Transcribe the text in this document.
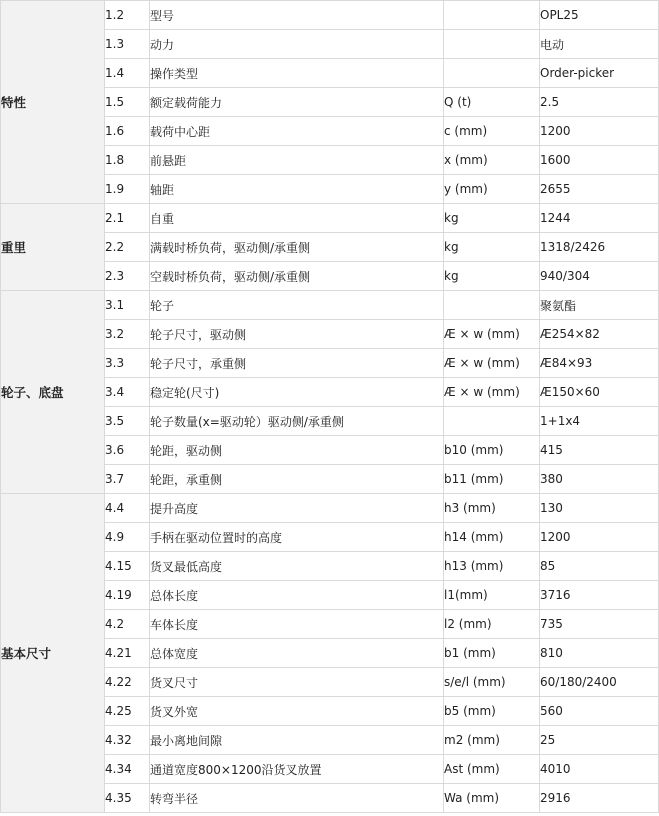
特性	1.2	型号		OPL25
	1.3	动力		电动
	1.4	操作类型		Order-picker
	1.5	额定载荷能力	Q (t)	2.5
	1.6	载荷中心距	c (mm)	1200
	1.8	前悬距	x (mm)	1600
	1.9	轴距	y (mm)	2655
重里	2.1	自重	kg	1244
	2.2	满载时桥负荷，驱动侧/承重侧	kg	1318/2426
	2.3	空载时桥负荷，驱动侧/承重侧	kg	940/304
轮子、底盘	3.1	轮子		聚氨酯
	3.2	轮子尺寸，驱动侧	Æ × w (mm)	Æ254×82
	3.3	轮子尺寸，承重侧	Æ × w (mm)	Æ84×93
	3.4	稳定轮(尺寸)	Æ × w (mm)	Æ150×60
	3.5	轮子数量(x=驱动轮）驱动侧/承重侧		1+1x4
	3.6	轮距，驱动侧	b10 (mm)	415
	3.7	轮距，承重侧	b11 (mm)	380
基本尺寸	4.4	提升高度	h3 (mm)	130
	4.9	手柄在驱动位置时的高度	h14 (mm)	1200
	4.15	货叉最低高度	h13 (mm)	85
	4.19	总体长度	l1(mm)	3716
	4.2	车体长度	l2 (mm)	735
	4.21	总体宽度	b1 (mm)	810
	4.22	货叉尺寸	s/e/l (mm)	60/180/2400
	4.25	货叉外宽	b5 (mm)	560
	4.32	最小离地间隙	m2 (mm)	25
	4.34	通道宽度800×1200沿货叉放置	Ast (mm)	4010
	4.35	转弯半径	Wa (mm)	2916
